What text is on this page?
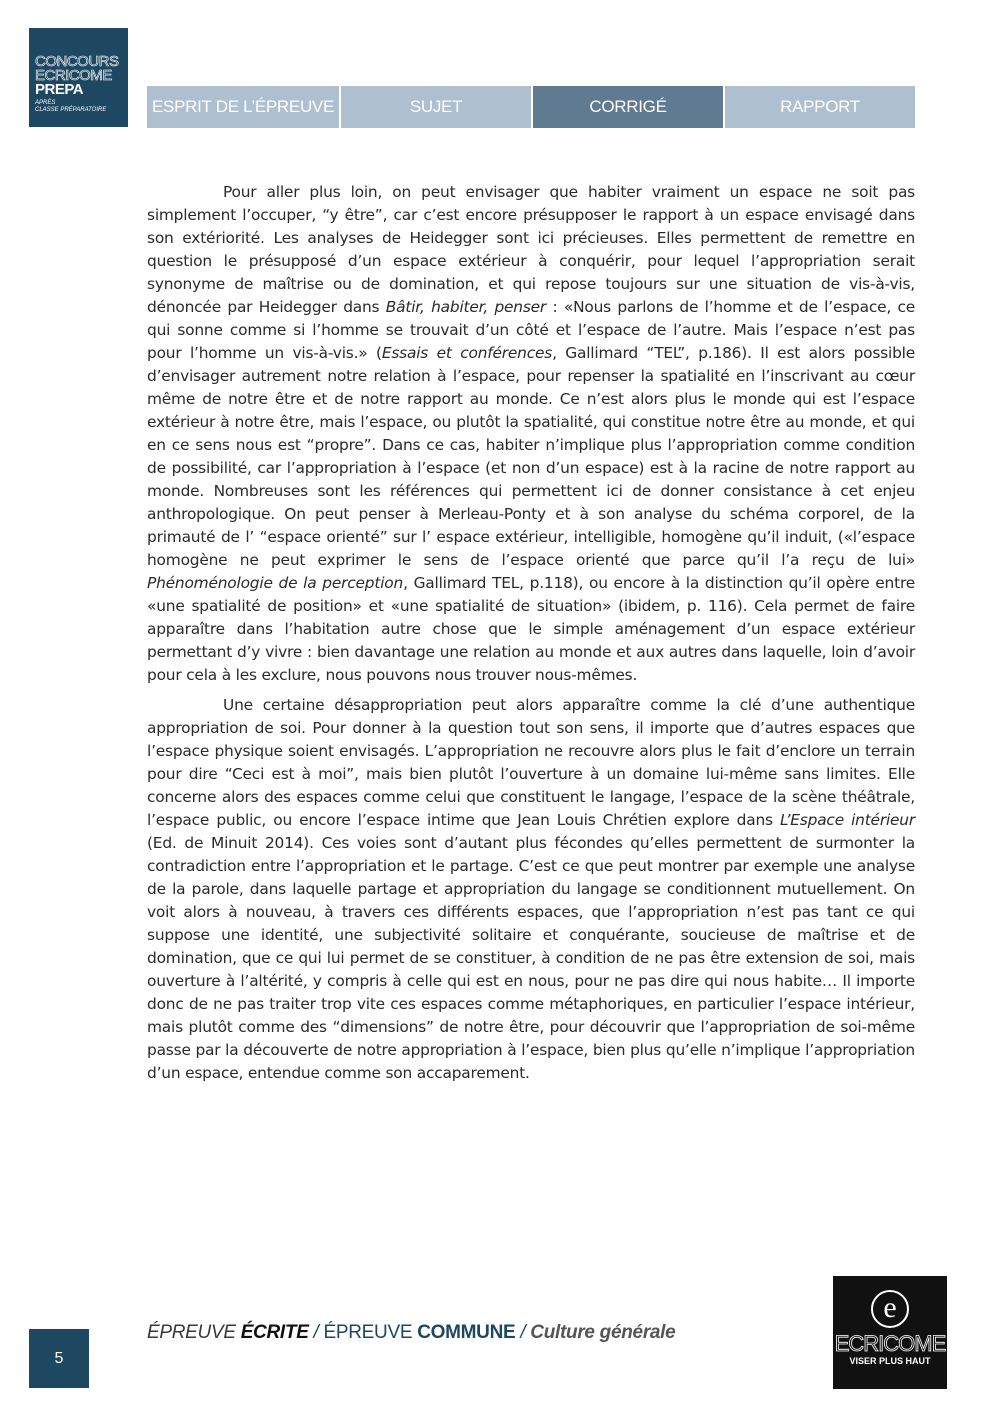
CONCOURS
ECRICOME
PREPA
APRÈS
CLASSE PRÉPARATOIRE	ESPRIT DE L’ÉPREUVE	SUJET	CORRIGÉ	RAPPORT

Pour aller plus loin, on peut envisager que habiter vraiment un espace ne soit pas simplement l’occuper, “y être”, car c’est encore présupposer le rapport à un espace envisagé dans son extériorité. Les analyses de Heidegger sont ici précieuses. Elles permettent de remettre en question le présupposé d’un espace extérieur à conquérir, pour lequel l’appropriation serait synonyme de maîtrise ou de domination, et qui repose toujours sur une situation de vis-à-vis, dénoncée par Heidegger dans Bâtir, habiter, penser : «Nous parlons de l’homme et de l’espace, ce qui sonne comme si l’homme se trouvait d’un côté et l’espace de l’autre. Mais l’espace n’est pas pour l’homme un vis-à-vis.» (Essais et conférences, Gallimard “TEL”, p.186). Il est alors possible d’envisager autrement notre relation à l’espace, pour repenser la spatialité en l’inscrivant au cœur même de notre être et de notre rapport au monde. Ce n’est alors plus le monde qui est l’espace extérieur à notre être, mais l’espace, ou plutôt la spatialité, qui constitue notre être au monde, et qui en ce sens nous est “propre”. Dans ce cas, habiter n’implique plus l’appropriation comme condition de possibilité, car l’appropriation à l’espace (et non d’un espace) est à la racine de notre rapport au monde. Nombreuses sont les références qui permettent ici de donner consistance à cet enjeu anthropologique. On peut penser à Merleau-Ponty et à son analyse du schéma corporel, de la primauté de l’ “espace orienté” sur l’ espace extérieur, intelligible, homogène qu’il induit, («l’espace homogène ne peut exprimer le sens de l’espace orienté que parce qu’il l’a reçu de lui» Phénoménologie de la perception, Gallimard TEL, p.118), ou encore à la distinction qu’il opère entre «une spatialité de position» et «une spatialité de situation» (ibidem, p. 116). Cela permet de faire apparaître dans l’habitation autre chose que le simple aménagement d’un espace extérieur permettant d’y vivre : bien davantage une relation au monde et aux autres dans laquelle, loin d’avoir pour cela à les exclure, nous pouvons nous trouver nous-mêmes.

Une certaine désappropriation peut alors apparaître comme la clé d’une authentique appropriation de soi. Pour donner à la question tout son sens, il importe que d’autres espaces que l’espace physique soient envisagés. L’appropriation ne recouvre alors plus le fait d’enclore un terrain pour dire “Ceci est à moi”, mais bien plutôt l’ouverture à un domaine lui-même sans limites. Elle concerne alors des espaces comme celui que constituent le langage, l’espace de la scène théâtrale, l’espace public, ou encore l’espace intime que Jean Louis Chrétien explore dans L’Espace intérieur (Ed. de Minuit 2014). Ces voies sont d’autant plus fécondes qu’elles permettent de surmonter la contradiction entre l’appropriation et le partage. C’est ce que peut montrer par exemple une analyse de la parole, dans laquelle partage et appropriation du langage se conditionnent mutuellement. On voit alors à nouveau, à travers ces différents espaces, que l’appropriation n’est pas tant ce qui suppose une identité, une subjectivité solitaire et conquérante, soucieuse de maîtrise et de domination, que ce qui lui permet de se constituer, à condition de ne pas être extension de soi, mais ouverture à l’altérité, y compris à celle qui est en nous, pour ne pas dire qui nous habite… Il importe donc de ne pas traiter trop vite ces espaces comme métaphoriques, en particulier l’espace intérieur, mais plutôt comme des “dimensions” de notre être, pour découvrir que l’appropriation de soi-même passe par la découverte de notre appropriation à l’espace, bien plus qu’elle n’implique l’appropriation d’un espace, entendue comme son accaparement.

5
ÉPREUVE ÉCRITE / ÉPREUVE COMMUNE / Culture générale
e
ECRICOME
VISER PLUS HAUT
